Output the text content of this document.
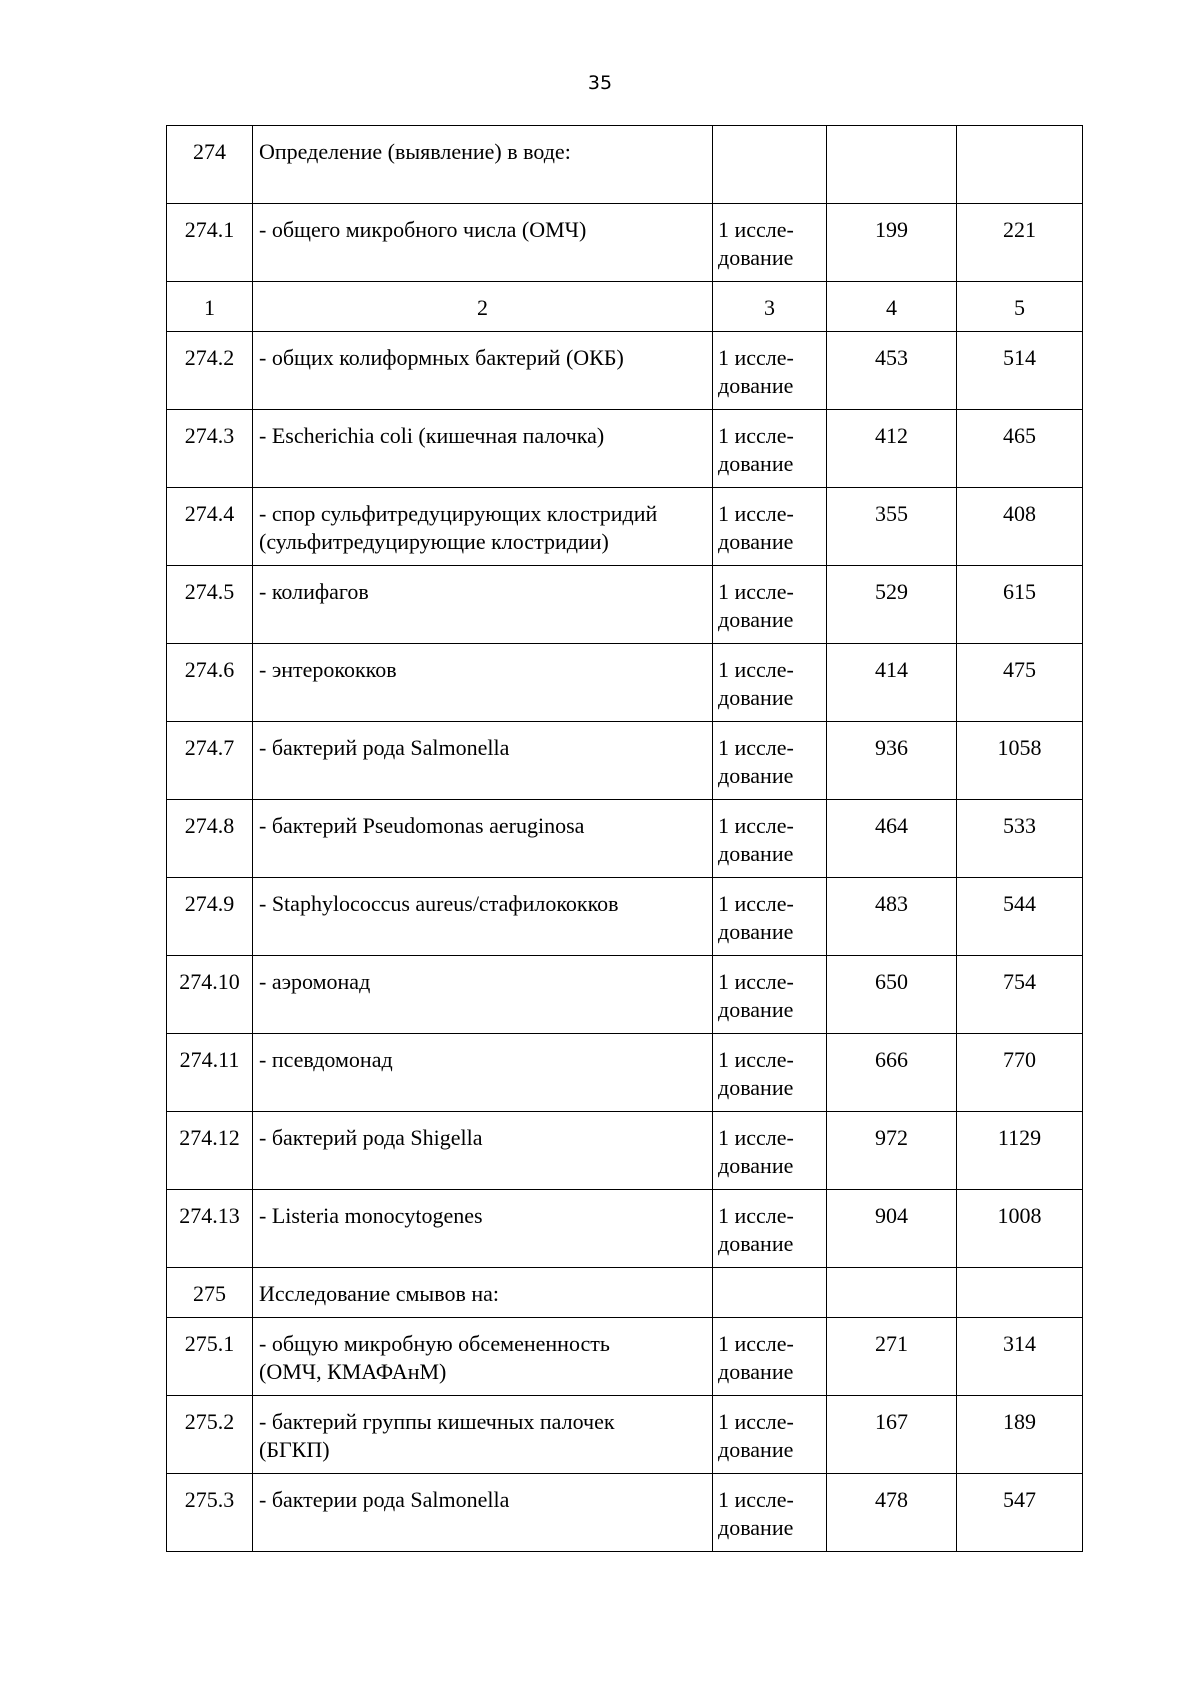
35
274	Определение (выявление) в воде:			
274.1	- общего микробного числа (ОМЧ)	1 иссле-
дование	199	221
1	2	3	4	5
274.2	- общих колиформных бактерий (ОКБ)	1 иссле-
дование	453	514
274.3	- Escherichia coli (кишечная палочка)	1 иссле-
дование	412	465
274.4	- спор сульфитредуцирующих клостридий
(сульфитредуцирующие клостридии)	1 иссле-
дование	355	408
274.5	- колифагов	1 иссле-
дование	529	615
274.6	- энтерококков	1 иссле-
дование	414	475
274.7	- бактерий рода Salmonella	1 иссле-
дование	936	1058
274.8	- бактерий Pseudomonas aeruginosa	1 иссле-
дование	464	533
274.9	- Staphylococcus aureus/стафилококков	1 иссле-
дование	483	544
274.10	- аэромонад	1 иссле-
дование	650	754
274.11	- псевдомонад	1 иссле-
дование	666	770
274.12	- бактерий рода Shigella	1 иссле-
дование	972	1129
274.13	- Listeria monocytogenes	1 иссле-
дование	904	1008
275	Исследование смывов на:			
275.1	- общую микробную обсемененность
(ОМЧ, КМАФАнМ)	1 иссле-
дование	271	314
275.2	- бактерий группы кишечных палочек
(БГКП)	1 иссле-
дование	167	189
275.3	- бактерии рода Salmonella	1 иссле-
дование	478	547
